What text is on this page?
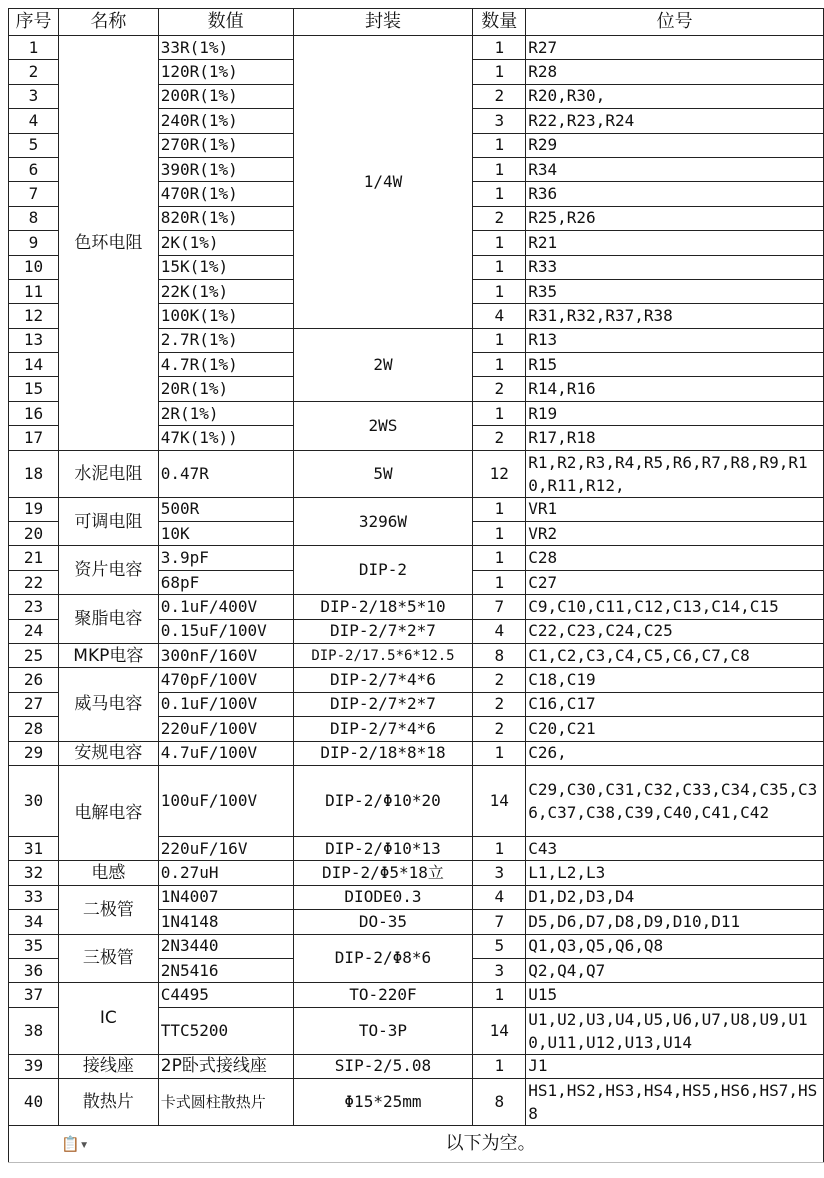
序号	名称	数值	封装	数量	位号
1	色环电阻	33R(1%)	1/4W	1	R27
2		120R(1%)		1	R28
3		200R(1%)		2	R20,R30,
4		240R(1%)		3	R22,R23,R24
5		270R(1%)		1	R29
6		390R(1%)		1	R34
7		470R(1%)		1	R36
8		820R(1%)		2	R25,R26
9		2K(1%)		1	R21
10		15K(1%)		1	R33
11		22K(1%)		1	R35
12		100K(1%)		4	R31,R32,R37,R38
13		2.7R(1%)	2W	1	R13
14		4.7R(1%)		1	R15
15		20R(1%)		2	R14,R16
16		2R(1%)	2WS	1	R19
17		47K(1%))		2	R17,R18
18	水泥电阻	0.47R	5W	12	R1,R2,R3,R4,R5,R6,R7,R8,R9,R10,R11,R12,
19	可调电阻	500R	3296W	1	VR1
20		10K		1	VR2
21	资片电容	3.9pF	DIP-2	1	C28
22		68pF		1	C27
23	聚脂电容	0.1uF/400V	DIP-2/18*5*10	7	C9,C10,C11,C12,C13,C14,C15
24		0.15uF/100V	DIP-2/7*2*7	4	C22,C23,C24,C25
25	MKP电容	300nF/160V	DIP-2/17.5*6*12.5	8	C1,C2,C3,C4,C5,C6,C7,C8
26	威马电容	470pF/100V	DIP-2/7*4*6	2	C18,C19
27		0.1uF/100V	DIP-2/7*2*7	2	C16,C17
28		220uF/100V	DIP-2/7*4*6	2	C20,C21
29	安规电容	4.7uF/100V	DIP-2/18*8*18	1	C26,
30	电解电容	100uF/100V	DIP-2/Φ10*20	14	C29,C30,C31,C32,C33,C34,C35,C36,C37,C38,C39,C40,C41,C42
31		220uF/16V	DIP-2/Φ10*13	1	C43
32	电感	0.27uH	DIP-2/Φ5*18立	3	L1,L2,L3
33	二极管	1N4007	DIODE0.3	4	D1,D2,D3,D4
34		1N4148	DO-35	7	D5,D6,D7,D8,D9,D10,D11
35	三极管	2N3440	DIP-2/Φ8*6	5	Q1,Q3,Q5,Q6,Q8
36		2N5416		3	Q2,Q4,Q7
37	IC	C4495	TO-220F	1	U15
38		TTC5200	TO-3P	14	U1,U2,U3,U4,U5,U6,U7,U8,U9,U10,U11,U12,U13,U14
39	接线座	2P卧式接线座	SIP-2/5.08	1	J1
40	散热片	卡式圆柱散热片	Φ15*25mm	8	HS1,HS2,HS3,HS4,HS5,HS6,HS7,HS8
📋▾		以下为空。			
